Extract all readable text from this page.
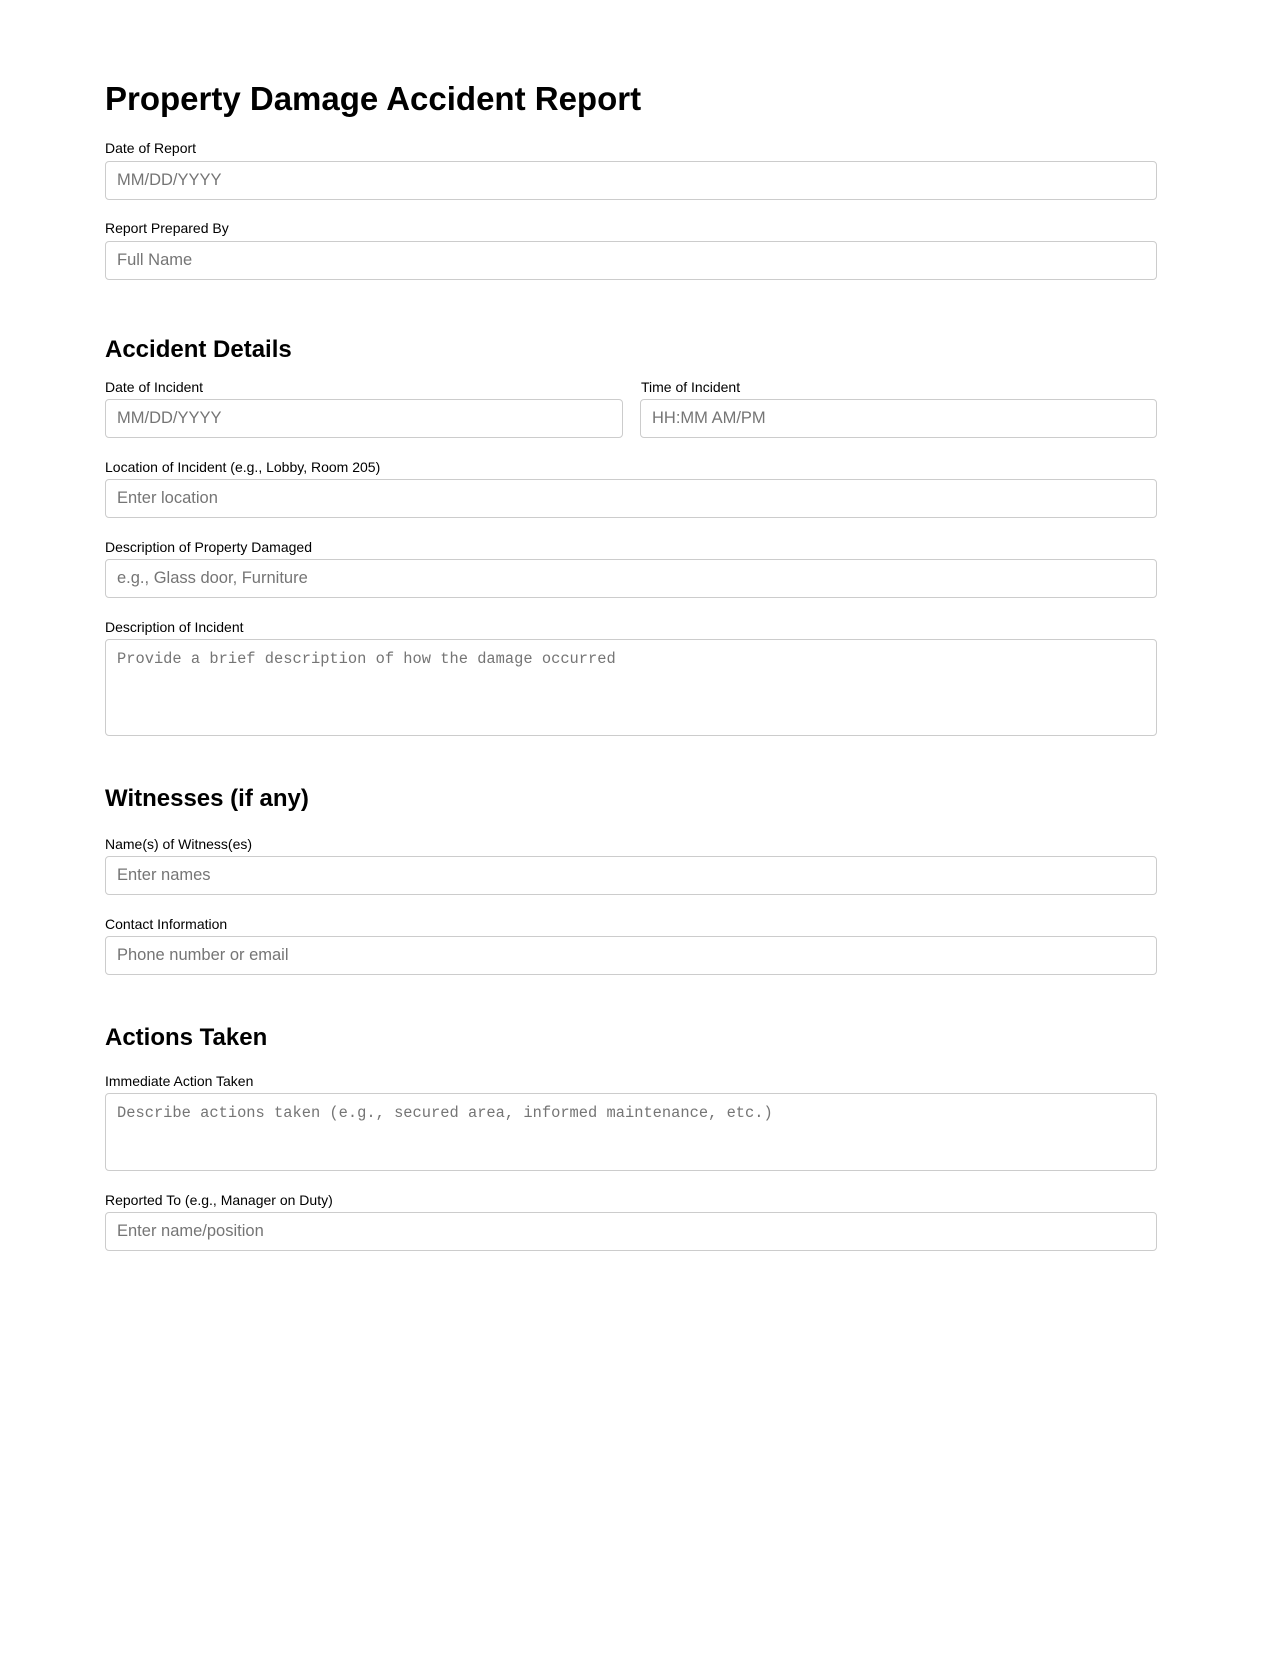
Property Damage Accident Report
Date of Report
MM/DD/YYYY
Report Prepared By
Full Name
Accident Details
Date of Incident
MM/DD/YYYY	Time of Incident
HH:MM AM/PM
Location of Incident (e.g., Lobby, Room 205)
Enter location
Description of Property Damaged
e.g., Glass door, Furniture
Description of Incident
Provide a brief description of how the damage occurred
Witnesses (if any)
Name(s) of Witness(es)
Enter names
Contact Information
Phone number or email
Actions Taken
Immediate Action Taken
Describe actions taken (e.g., secured area, informed maintenance, etc.)
Reported To (e.g., Manager on Duty)
Enter name/position
